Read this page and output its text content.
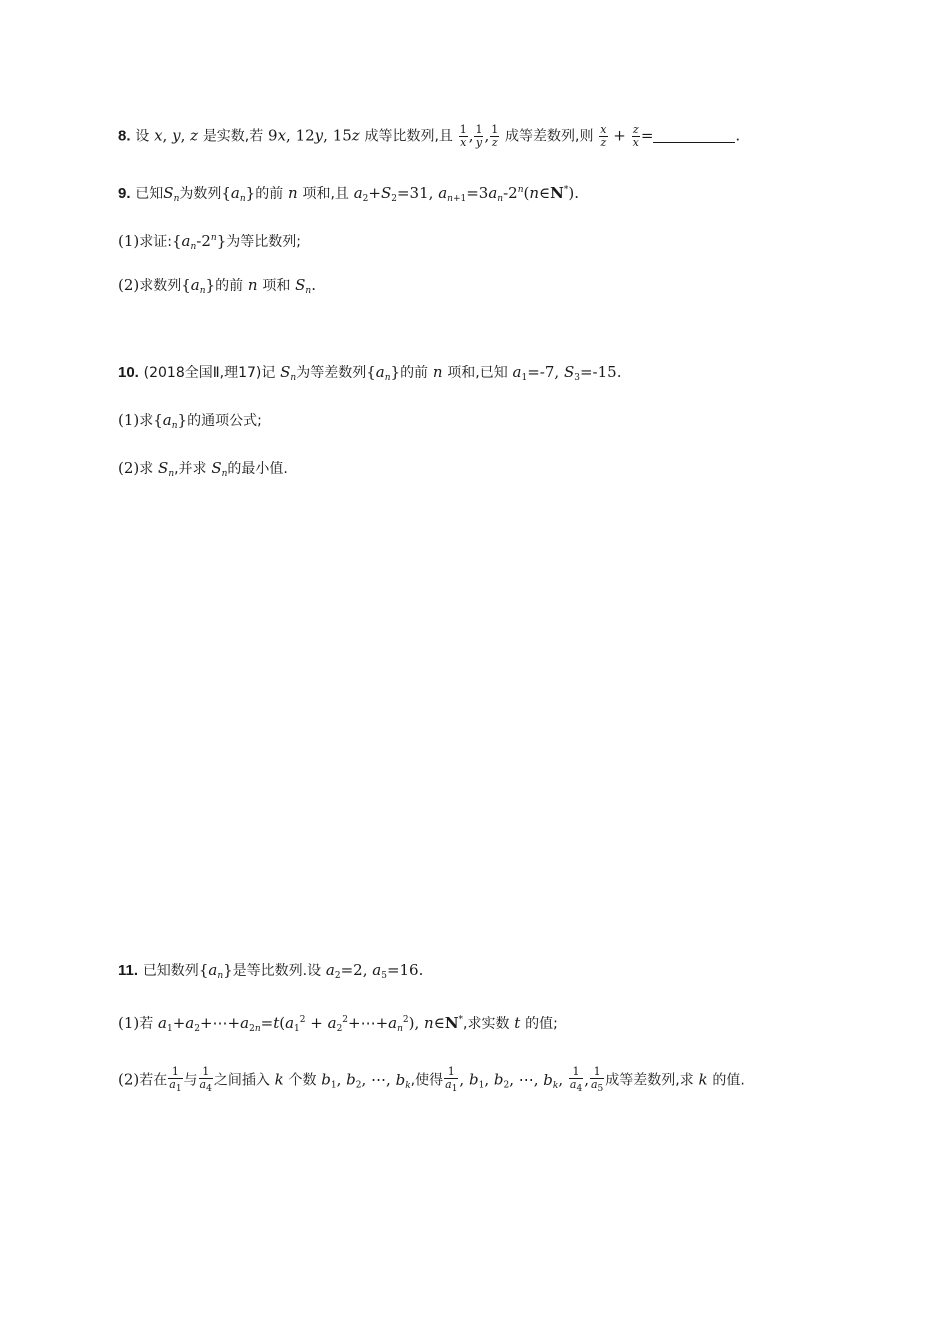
8. 设 x, y, z 是实数,若 9x, 12y, 15z 成等比数列,且 $\frac{1}{x}$ , $\frac{1}{y}$ , $\frac{1}{z}$ 成等差数列,则 $\frac{x}{z} + \frac{z}{x}$ =	.
9. 已知$S_n$为数列$\{a_n\}$的前 n 项和,且 $a_2+S_2=31$, $a_{n+1}=3a_n-2^n(n\in N^*)$.
(1)求证$:\{a_n-2^n\}$为等比数列;
(2)求数列$\{a_n\}$的前 n 项和 $S_n$.
10. (2018全国Ⅱ,理17)记 $S_n$为等差数列$\{a_n\}$的前 n 项和,已知 $a_1=-7$, $S_3=-15$.
(1)求$\{a_n\}$的通项公式;
(2)求 $S_n$,并求 $S_n$的最小值.
11. 已知数列$\{a_n\}$是等比数列.设 $a_2=2$, $a_5=16$.
(1)若 $a_1+a_2+\cdots+a_{2n}=t(a_1^2$ + $a_2^2+\cdots+a_n^2$), n∈N*,求实数 t 的值;
(2)若在 $\frac{1}{a_1}$ 与 $\frac{1}{a_4}$ 之间插入 k 个数 $b_1$, $b_2$, ⋯, $b_k$,使得 $\frac{1}{a_1}$ , $b_1$, $b_2$, ⋯, $b_k$, $\frac{1}{a_4}$ , $\frac{1}{a_5}$ 成等差数列,求 k 的值.
